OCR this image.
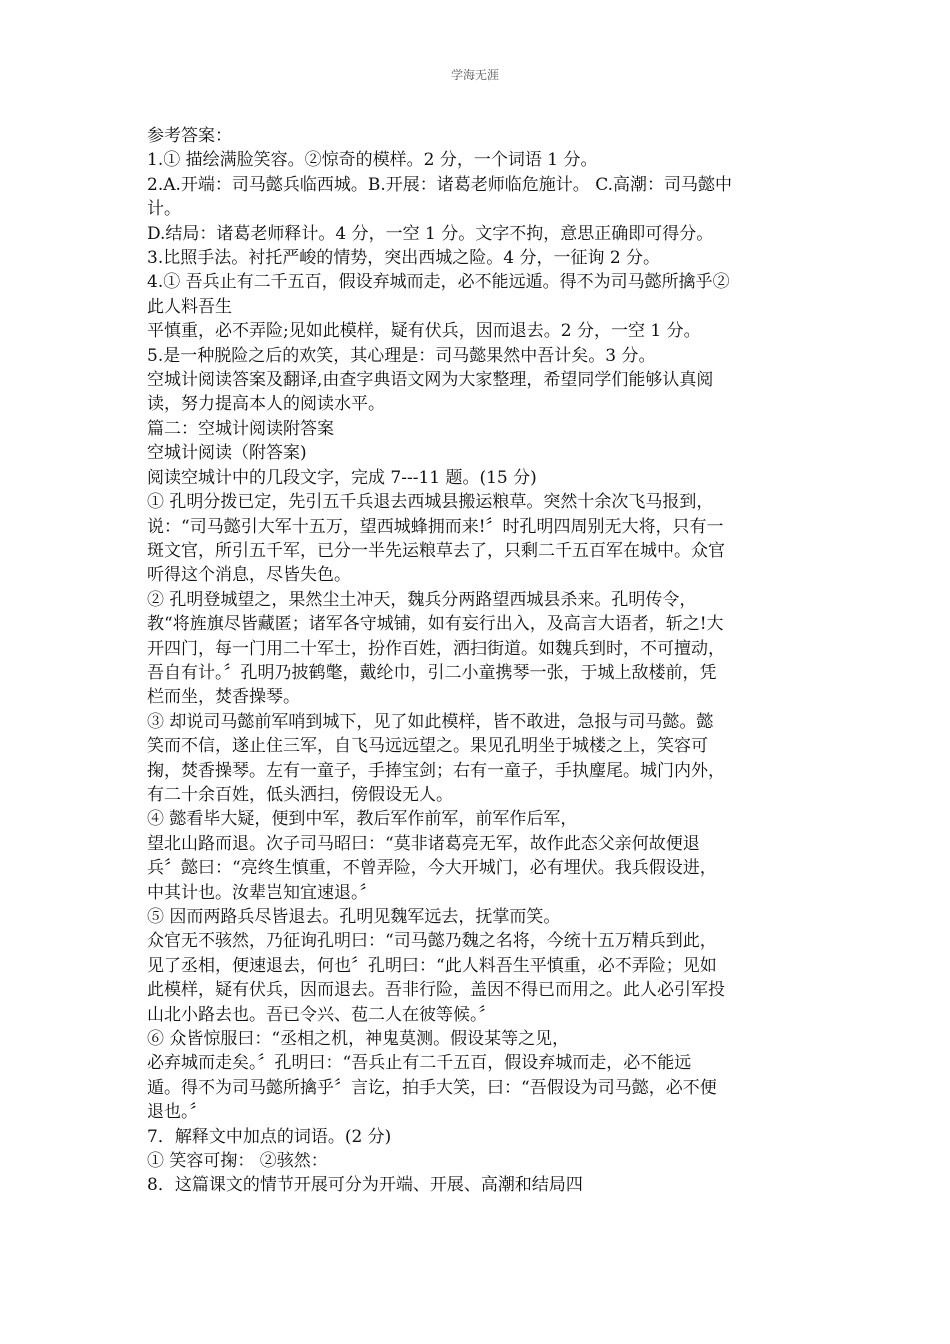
学海无涯
参考答案：
1.① 描绘满脸笑容。②惊奇的模样。2 分，一个词语 1 分。
2.A.开端：司马懿兵临西城。B.开展：诸葛老师临危施计。 C.高潮：司马懿中
计。
D.结局：诸葛老师释计。4 分，一空 1 分。文字不拘，意思正确即可得分。
3.比照手法。衬托严峻的情势，突出西城之险。4 分，一征询 2 分。
4.① 吾兵止有二千五百，假设弃城而走，必不能远遁。得不为司马懿所擒乎②
此人料吾生
平慎重，必不弄险;见如此模样，疑有伏兵，因而退去。2 分，一空 1 分。
5.是一种脱险之后的欢笑，其心理是：司马懿果然中吾计矣。3 分。
空城计阅读答案及翻译,由查字典语文网为大家整理，希望同学们能够认真阅
读，努力提高本人的阅读水平。
篇二：空城计阅读附答案
空城计阅读（附答案)
阅读空城计中的几段文字，完成 7---11 题。(15 分)
① 孔明分拨已定，先引五千兵退去西城县搬运粮草。突然十余次飞马报到，
说：“司马懿引大军十五万，望西城蜂拥而来!〞时孔明四周别无大将，只有一
斑文官，所引五千军，已分一半先运粮草去了，只剩二千五百军在城中。众官
听得这个消息，尽皆失色。
② 孔明登城望之，果然尘土冲天，魏兵分两路望西城县杀来。孔明传令，
教“将旌旗尽皆藏匿；诸军各守城铺，如有妄行出入，及高言大语者，斩之!大
开四门，每一门用二十军士，扮作百姓，洒扫街道。如魏兵到时，不可擅动，
吾自有计。〞孔明乃披鹤氅，戴纶巾，引二小童携琴一张，于城上敌楼前，凭
栏而坐，焚香操琴。
③ 却说司马懿前军哨到城下，见了如此模样，皆不敢进，急报与司马懿。懿
笑而不信，遂止住三军，自飞马远远望之。果见孔明坐于城楼之上，笑容可
掬，焚香操琴。左有一童子，手捧宝剑；右有一童子，手执麈尾。城门内外，
有二十余百姓，低头洒扫，傍假设无人。
④ 懿看毕大疑，便到中军，教后军作前军，前军作后军，
望北山路而退。次子司马昭曰：“莫非诸葛亮无军，故作此态父亲何故便退
兵〞懿曰：“亮终生慎重，不曾弄险，今大开城门，必有埋伏。我兵假设进，
中其计也。汝辈岂知宜速退。〞
⑤ 因而两路兵尽皆退去。孔明见魏军远去，抚掌而笑。
众官无不骇然，乃征询孔明曰：“司马懿乃魏之名将，今统十五万精兵到此，
见了丞相，便速退去，何也〞孔明曰：“此人料吾生平慎重，必不弄险；见如
此模样，疑有伏兵，因而退去。吾非行险，盖因不得已而用之。此人必引军投
山北小路去也。吾已令兴、苞二人在彼等候。〞
⑥ 众皆惊服曰：“丞相之机，神鬼莫测。假设某等之见，
必弃城而走矣。〞孔明曰：“吾兵止有二千五百，假设弃城而走，必不能远
遁。得不为司马懿所擒乎〞言讫，拍手大笑，曰：“吾假设为司马懿，必不便
退也。〞
7．解释文中加点的词语。(2 分)
① 笑容可掬： ②骇然：
8．这篇课文的情节开展可分为开端、开展、高潮和结局四
